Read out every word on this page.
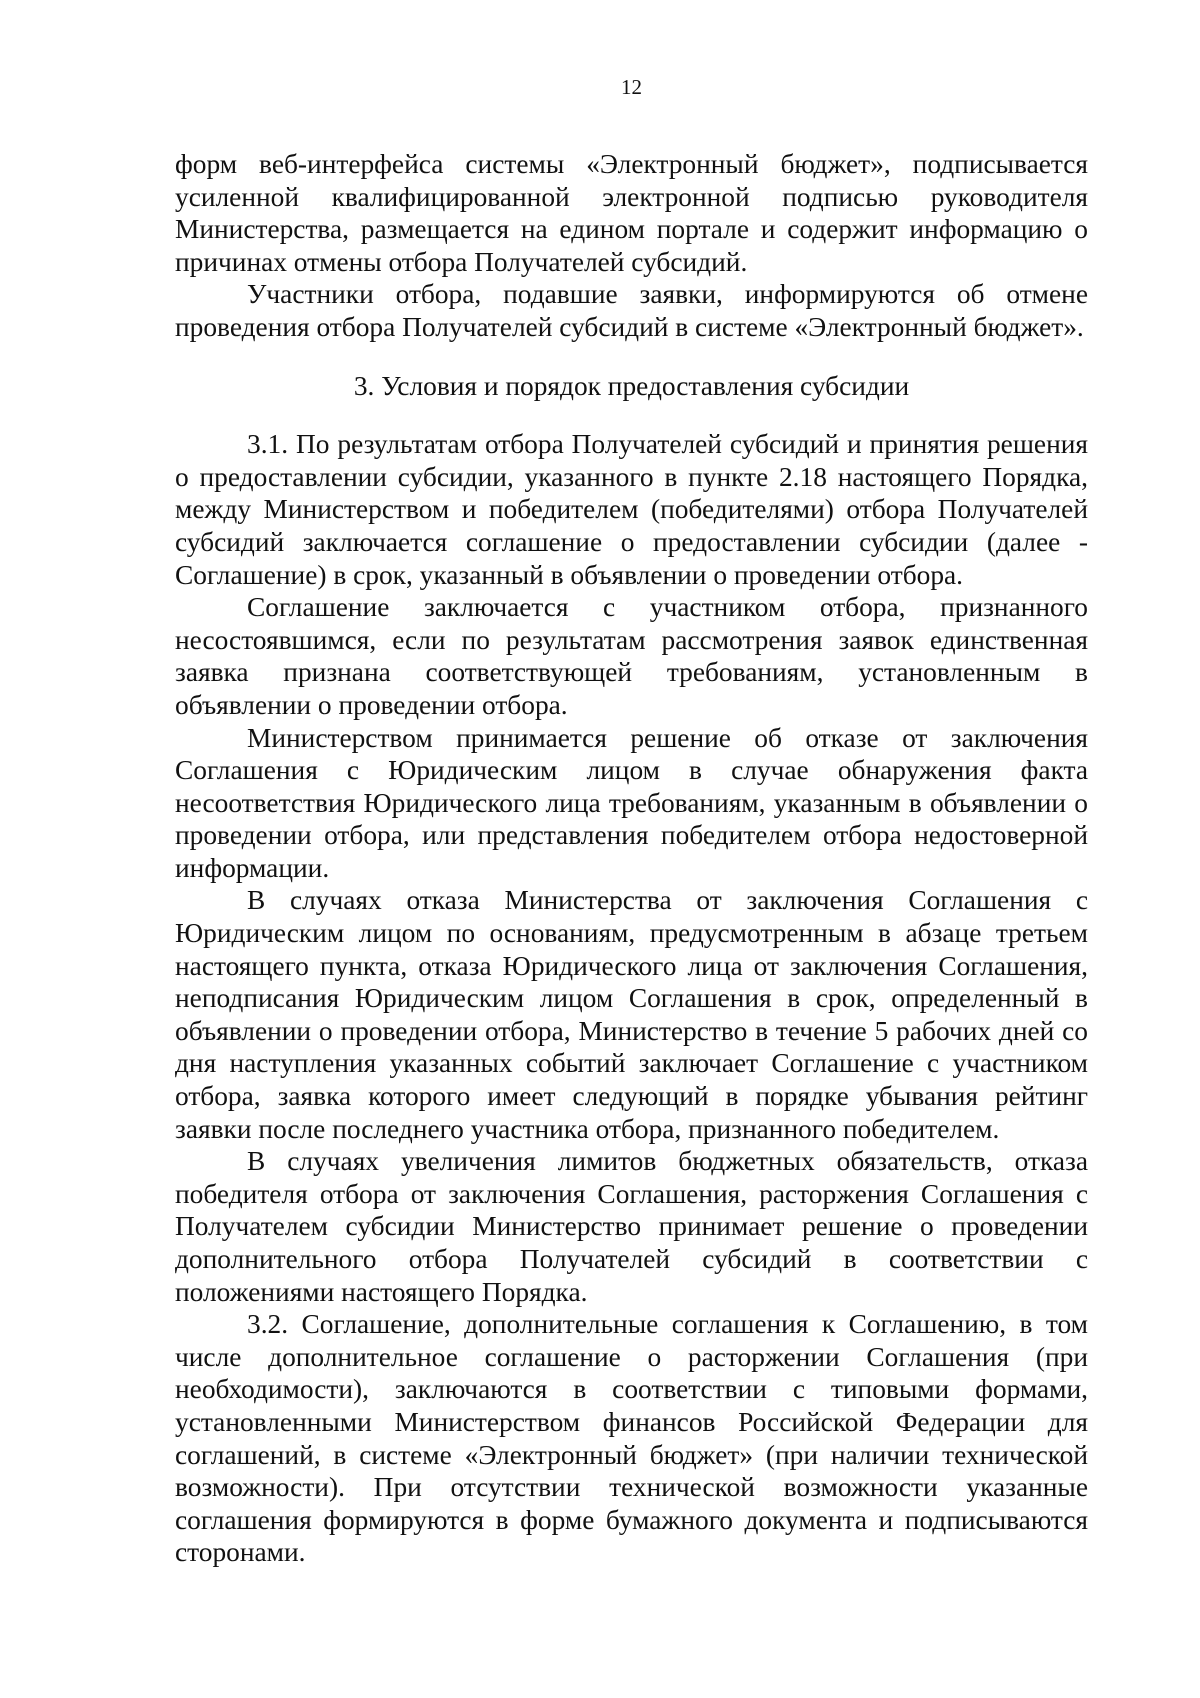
12

форм веб-интерфейса системы «Электронный бюджет», подписывается усиленной квалифицированной электронной подписью руководителя Министерства, размещается на едином портале и содержит информацию о причинах отмены отбора Получателей субсидий.

Участники отбора, подавшие заявки, информируются об отмене проведения отбора Получателей субсидий в системе «Электронный бюджет».

3. Условия и порядок предоставления субсидии

3.1. По результатам отбора Получателей субсидий и принятия решения о предоставлении субсидии, указанного в пункте 2.18 настоящего Порядка, между Министерством и победителем (победителями) отбора Получателей субсидий заключается соглашение о предоставлении субсидии (далее - Соглашение) в срок, указанный в объявлении о проведении отбора.

Соглашение заключается с участником отбора, признанного несостоявшимся, если по результатам рассмотрения заявок единственная заявка признана соответствующей требованиям, установленным в объявлении о проведении отбора.

Министерством принимается решение об отказе от заключения Соглашения с Юридическим лицом в случае обнаружения факта несоответствия Юридического лица требованиям, указанным в объявлении о проведении отбора, или представления победителем отбора недостоверной информации.

В случаях отказа Министерства от заключения Соглашения с Юридическим лицом по основаниям, предусмотренным в абзаце третьем настоящего пункта, отказа Юридического лица от заключения Соглашения, неподписания Юридическим лицом Соглашения в срок, определенный в объявлении о проведении отбора, Министерство в течение 5 рабочих дней со дня наступления указанных событий заключает Соглашение с участником отбора, заявка которого имеет следующий в порядке убывания рейтинг заявки после последнего участника отбора, признанного победителем.

В случаях увеличения лимитов бюджетных обязательств, отказа победителя отбора от заключения Соглашения, расторжения Соглашения с Получателем субсидии Министерство принимает решение о проведении дополнительного отбора Получателей субсидий в соответствии с положениями настоящего Порядка.

3.2. Соглашение, дополнительные соглашения к Соглашению, в том числе дополнительное соглашение о расторжении Соглашения (при необходимости), заключаются в соответствии с типовыми формами, установленными Министерством финансов Российской Федерации для соглашений, в системе «Электронный бюджет» (при наличии технической возможности). При отсутствии технической возможности указанные соглашения формируются в форме бумажного документа и подписываются сторонами.
